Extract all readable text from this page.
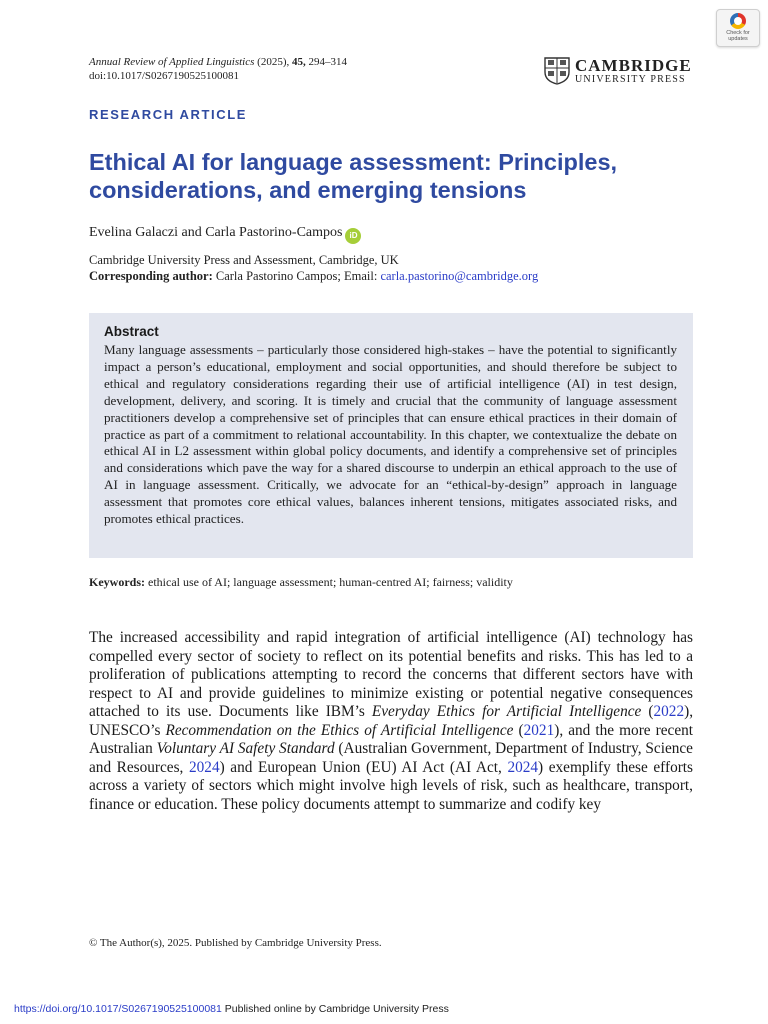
Annual Review of Applied Linguistics (2025), 45, 294–314
doi:10.1017/S0267190525100081
CAMBRIDGE
UNIVERSITY PRESS
Check for
updates
RESEARCH ARTICLE
Ethical AI for language assessment: Principles, considerations, and emerging tensions
Evelina Galaczi and Carla Pastorino-Campos iD
Cambridge University Press and Assessment, Cambridge, UK
Corresponding author: Carla Pastorino Campos; Email: carla.pastorino@cambridge.org
Abstract
Many language assessments – particularly those considered high-stakes – have the potential to significantly impact a person’s educational, employment and social opportunities, and should therefore be subject to ethical and regulatory considerations regarding their use of artificial intelligence (AI) in test design, development, delivery, and scoring. It is timely and crucial that the community of language assessment practitioners develop a comprehensive set of principles that can ensure ethical practices in their domain of practice as part of a commitment to relational accountability. In this chapter, we contextualize the debate on ethical AI in L2 assessment within global policy documents, and identify a comprehensive set of principles and considerations which pave the way for a shared discourse to underpin an ethical approach to the use of AI in language assessment. Critically, we advocate for an “ethical-by-design” approach in language assessment that promotes core ethical values, balances inherent tensions, mitigates associated risks, and promotes ethical practices.
Keywords: ethical use of AI; language assessment; human-centred AI; fairness; validity
The increased accessibility and rapid integration of artificial intelligence (AI) technology has compelled every sector of society to reflect on its potential benefits and risks. This has led to a proliferation of publications attempting to record the concerns that different sectors have with respect to AI and provide guidelines to minimize existing or potential negative consequences attached to its use. Documents like IBM’s Everyday Ethics for Artificial Intelligence (2022), UNESCO’s Recommendation on the Ethics of Artificial Intelligence (2021), and the more recent Australian Voluntary AI Safety Standard (Australian Government, Department of Industry, Science and Resources, 2024) and European Union (EU) AI Act (AI Act, 2024) exemplify these efforts across a variety of sectors which might involve high levels of risk, such as healthcare, transport, finance or education. These policy documents attempt to summarize and codify key
© The Author(s), 2025. Published by Cambridge University Press.
https://doi.org/10.1017/S0267190525100081 Published online by Cambridge University Press
